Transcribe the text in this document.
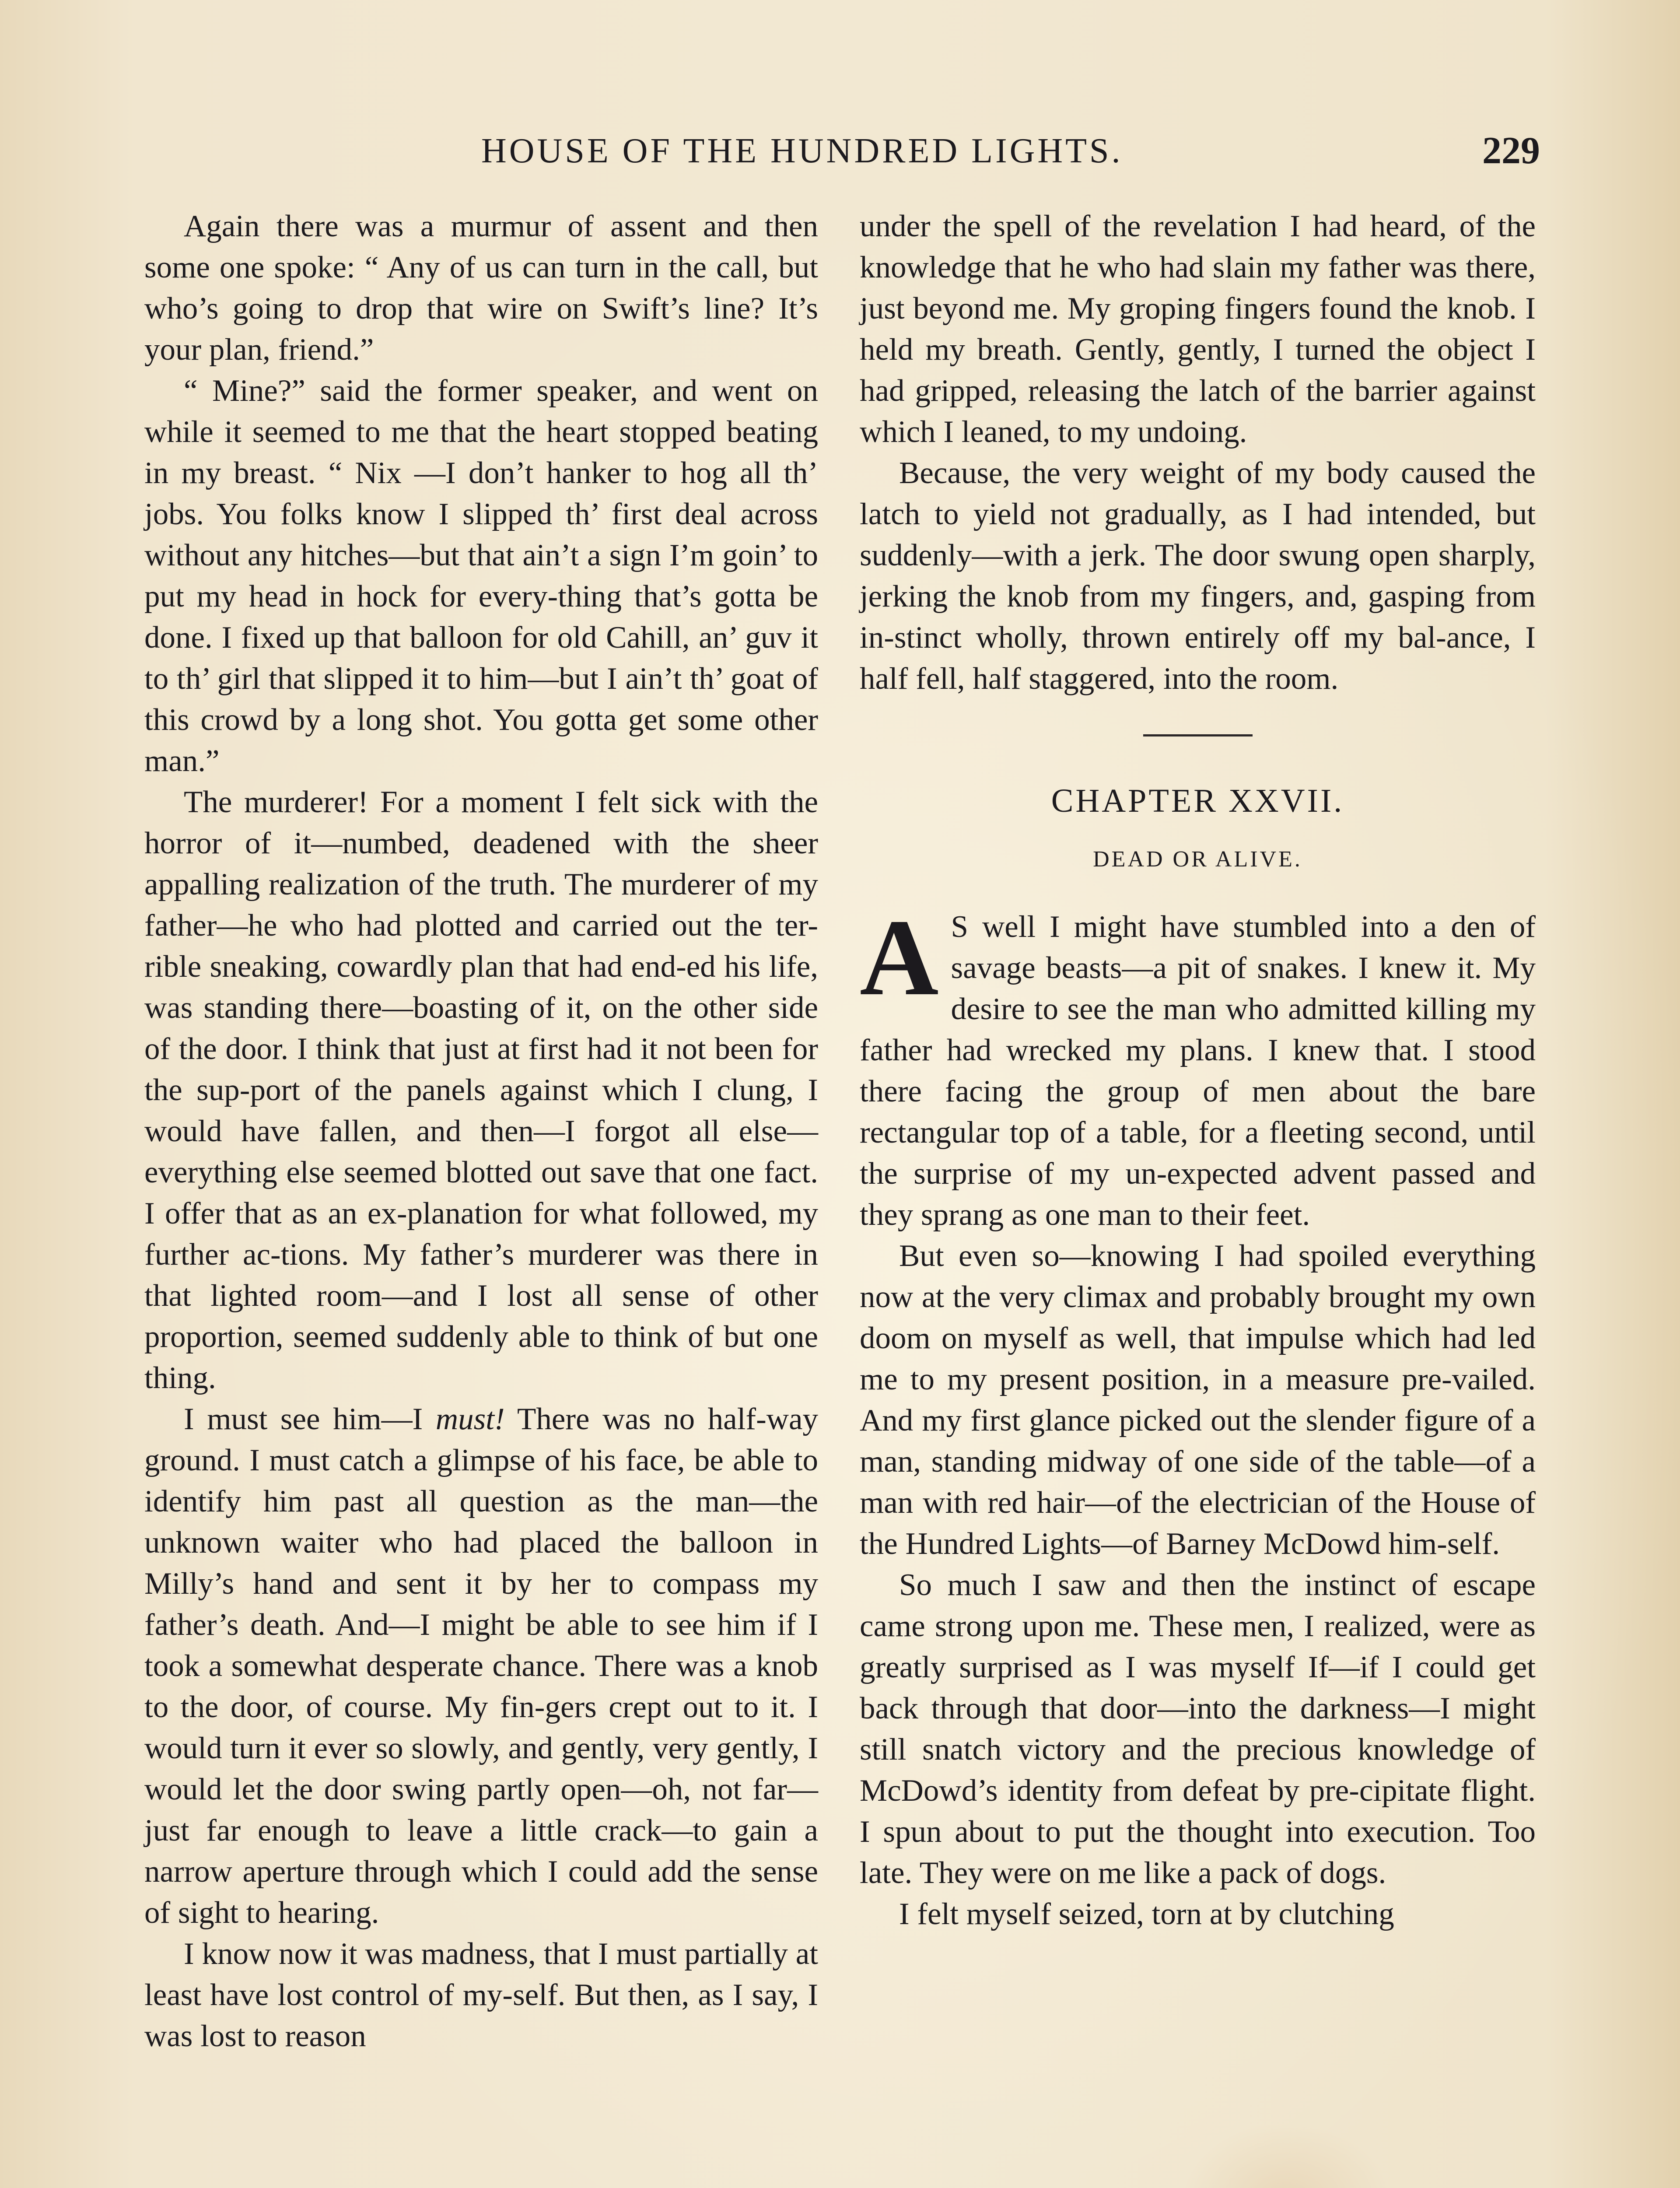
HOUSE OF THE HUNDRED LIGHTS.	229

Again there was a murmur of assent and then some one spoke: “ Any of us can turn in the call, but who’s going to drop that wire on Swift’s line? It’s your plan, friend.”

“ Mine?” said the former speaker, and went on while it seemed to me that the heart stopped beating in my breast. “ Nix —I don’t hanker to hog all th’ jobs. You folks know I slipped th’ first deal across without any hitches—but that ain’t a sign I’m goin’ to put my head in hock for every-thing that’s gotta be done. I fixed up that balloon for old Cahill, an’ guv it to th’ girl that slipped it to him—but I ain’t th’ goat of this crowd by a long shot. You gotta get some other man.”

The murderer! For a moment I felt sick with the horror of it—numbed, deadened with the sheer appalling realization of the truth. The murderer of my father—he who had plotted and carried out the ter-rible sneaking, cowardly plan that had end-ed his life, was standing there—boasting of it, on the other side of the door. I think that just at first had it not been for the sup-port of the panels against which I clung, I would have fallen, and then—I forgot all else—everything else seemed blotted out save that one fact. I offer that as an ex-planation for what followed, my further ac-tions. My father’s murderer was there in that lighted room—and I lost all sense of other proportion, seemed suddenly able to think of but one thing.

I must see him—I must! There was no half-way ground. I must catch a glimpse of his face, be able to identify him past all question as the man—the unknown waiter who had placed the balloon in Milly’s hand and sent it by her to compass my father’s death. And—I might be able to see him if I took a somewhat desperate chance. There was a knob to the door, of course. My fin-gers crept out to it. I would turn it ever so slowly, and gently, very gently, I would let the door swing partly open—oh, not far—just far enough to leave a little crack—to gain a narrow aperture through which I could add the sense of sight to hearing.

I know now it was madness, that I must partially at least have lost control of my-self. But then, as I say, I was lost to reason

under the spell of the revelation I had heard, of the knowledge that he who had slain my father was there, just beyond me. My groping fingers found the knob. I held my breath. Gently, gently, I turned the object I had gripped, releasing the latch of the barrier against which I leaned, to my undoing.

Because, the very weight of my body caused the latch to yield not gradually, as I had intended, but suddenly—with a jerk. The door swung open sharply, jerking the knob from my fingers, and, gasping from in-stinct wholly, thrown entirely off my bal-ance, I half fell, half staggered, into the room.

CHAPTER XXVII.
DEAD OR ALIVE.

A S well I might have stumbled into a den of savage beasts—a pit of snakes. I knew it. My desire to see the man who admitted killing my father had wrecked my plans. I knew that. I stood there facing the group of men about the bare rectangular top of a table, for a fleeting second, until the surprise of my un-expected advent passed and they sprang as one man to their feet.

But even so—knowing I had spoiled everything now at the very climax and probably brought my own doom on myself as well, that impulse which had led me to my present position, in a measure pre-vailed. And my first glance picked out the slender figure of a man, standing midway of one side of the table—of a man with red hair—of the electrician of the House of the Hundred Lights—of Barney McDowd him-self.

So much I saw and then the instinct of escape came strong upon me. These men, I realized, were as greatly surprised as I was myself If—if I could get back through that door—into the darkness—I might still snatch victory and the precious knowledge of McDowd’s identity from defeat by pre-cipitate flight. I spun about to put the thought into execution. Too late. They were on me like a pack of dogs.

I felt myself seized, torn at by clutching
